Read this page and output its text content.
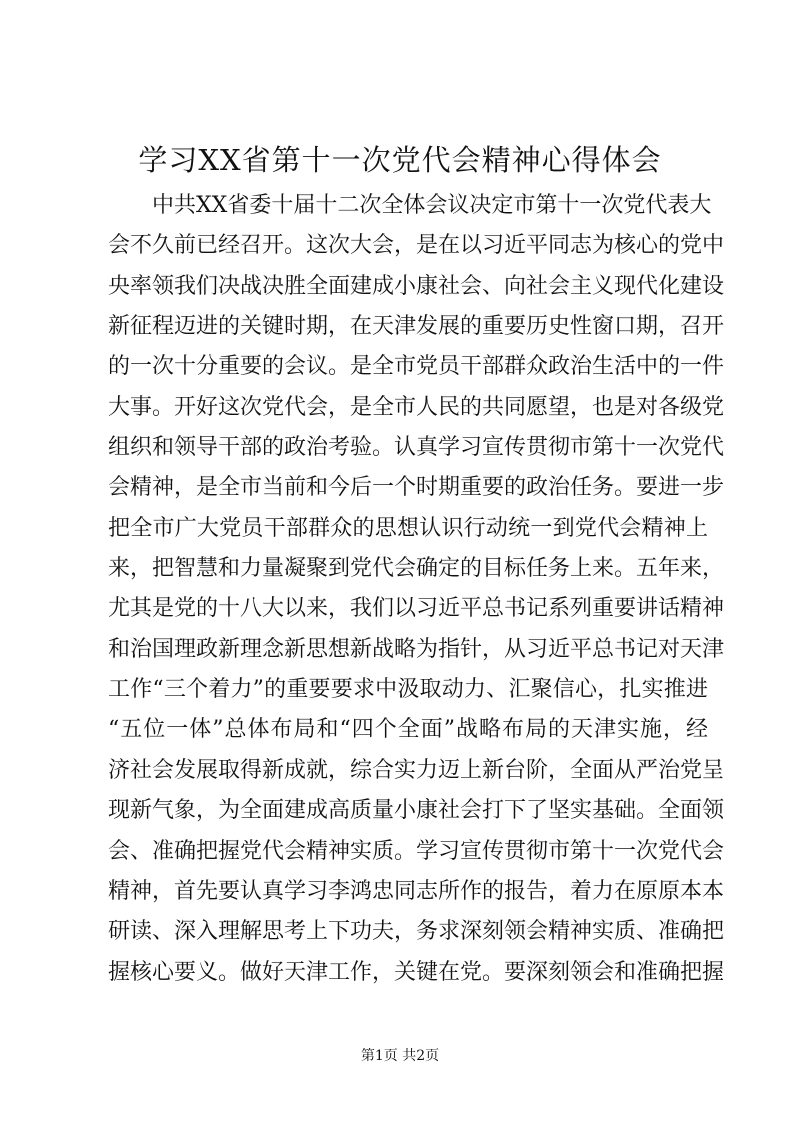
学习XX省第十一次党代会精神心得体会
中共XX省委十届十二次全体会议决定市第十一次党代表大
会不久前已经召开。这次大会，是在以习近平同志为核心的党中
央率领我们决战决胜全面建成小康社会、向社会主义现代化建设
新征程迈进的关键时期，在天津发展的重要历史性窗口期，召开
的一次十分重要的会议。是全市党员干部群众政治生活中的一件
大事。开好这次党代会，是全市人民的共同愿望，也是对各级党
组织和领导干部的政治考验。认真学习宣传贯彻市第十一次党代
会精神，是全市当前和今后一个时期重要的政治任务。要进一步
把全市广大党员干部群众的思想认识行动统一到党代会精神上
来，把智慧和力量凝聚到党代会确定的目标任务上来。五年来，
尤其是党的十八大以来，我们以习近平总书记系列重要讲话精神
和治国理政新理念新思想新战略为指针，从习近平总书记对天津
工作“三个着力”的重要要求中汲取动力、汇聚信心，扎实推进
“五位一体”总体布局和“四个全面”战略布局的天津实施，经
济社会发展取得新成就，综合实力迈上新台阶，全面从严治党呈
现新气象，为全面建成高质量小康社会打下了坚实基础。全面领
会、准确把握党代会精神实质。学习宣传贯彻市第十一次党代会
精神，首先要认真学习李鸿忠同志所作的报告，着力在原原本本
研读、深入理解思考上下功夫，务求深刻领会精神实质、准确把
握核心要义。做好天津工作，关键在党。要深刻领会和准确把握
第1页 共2页
